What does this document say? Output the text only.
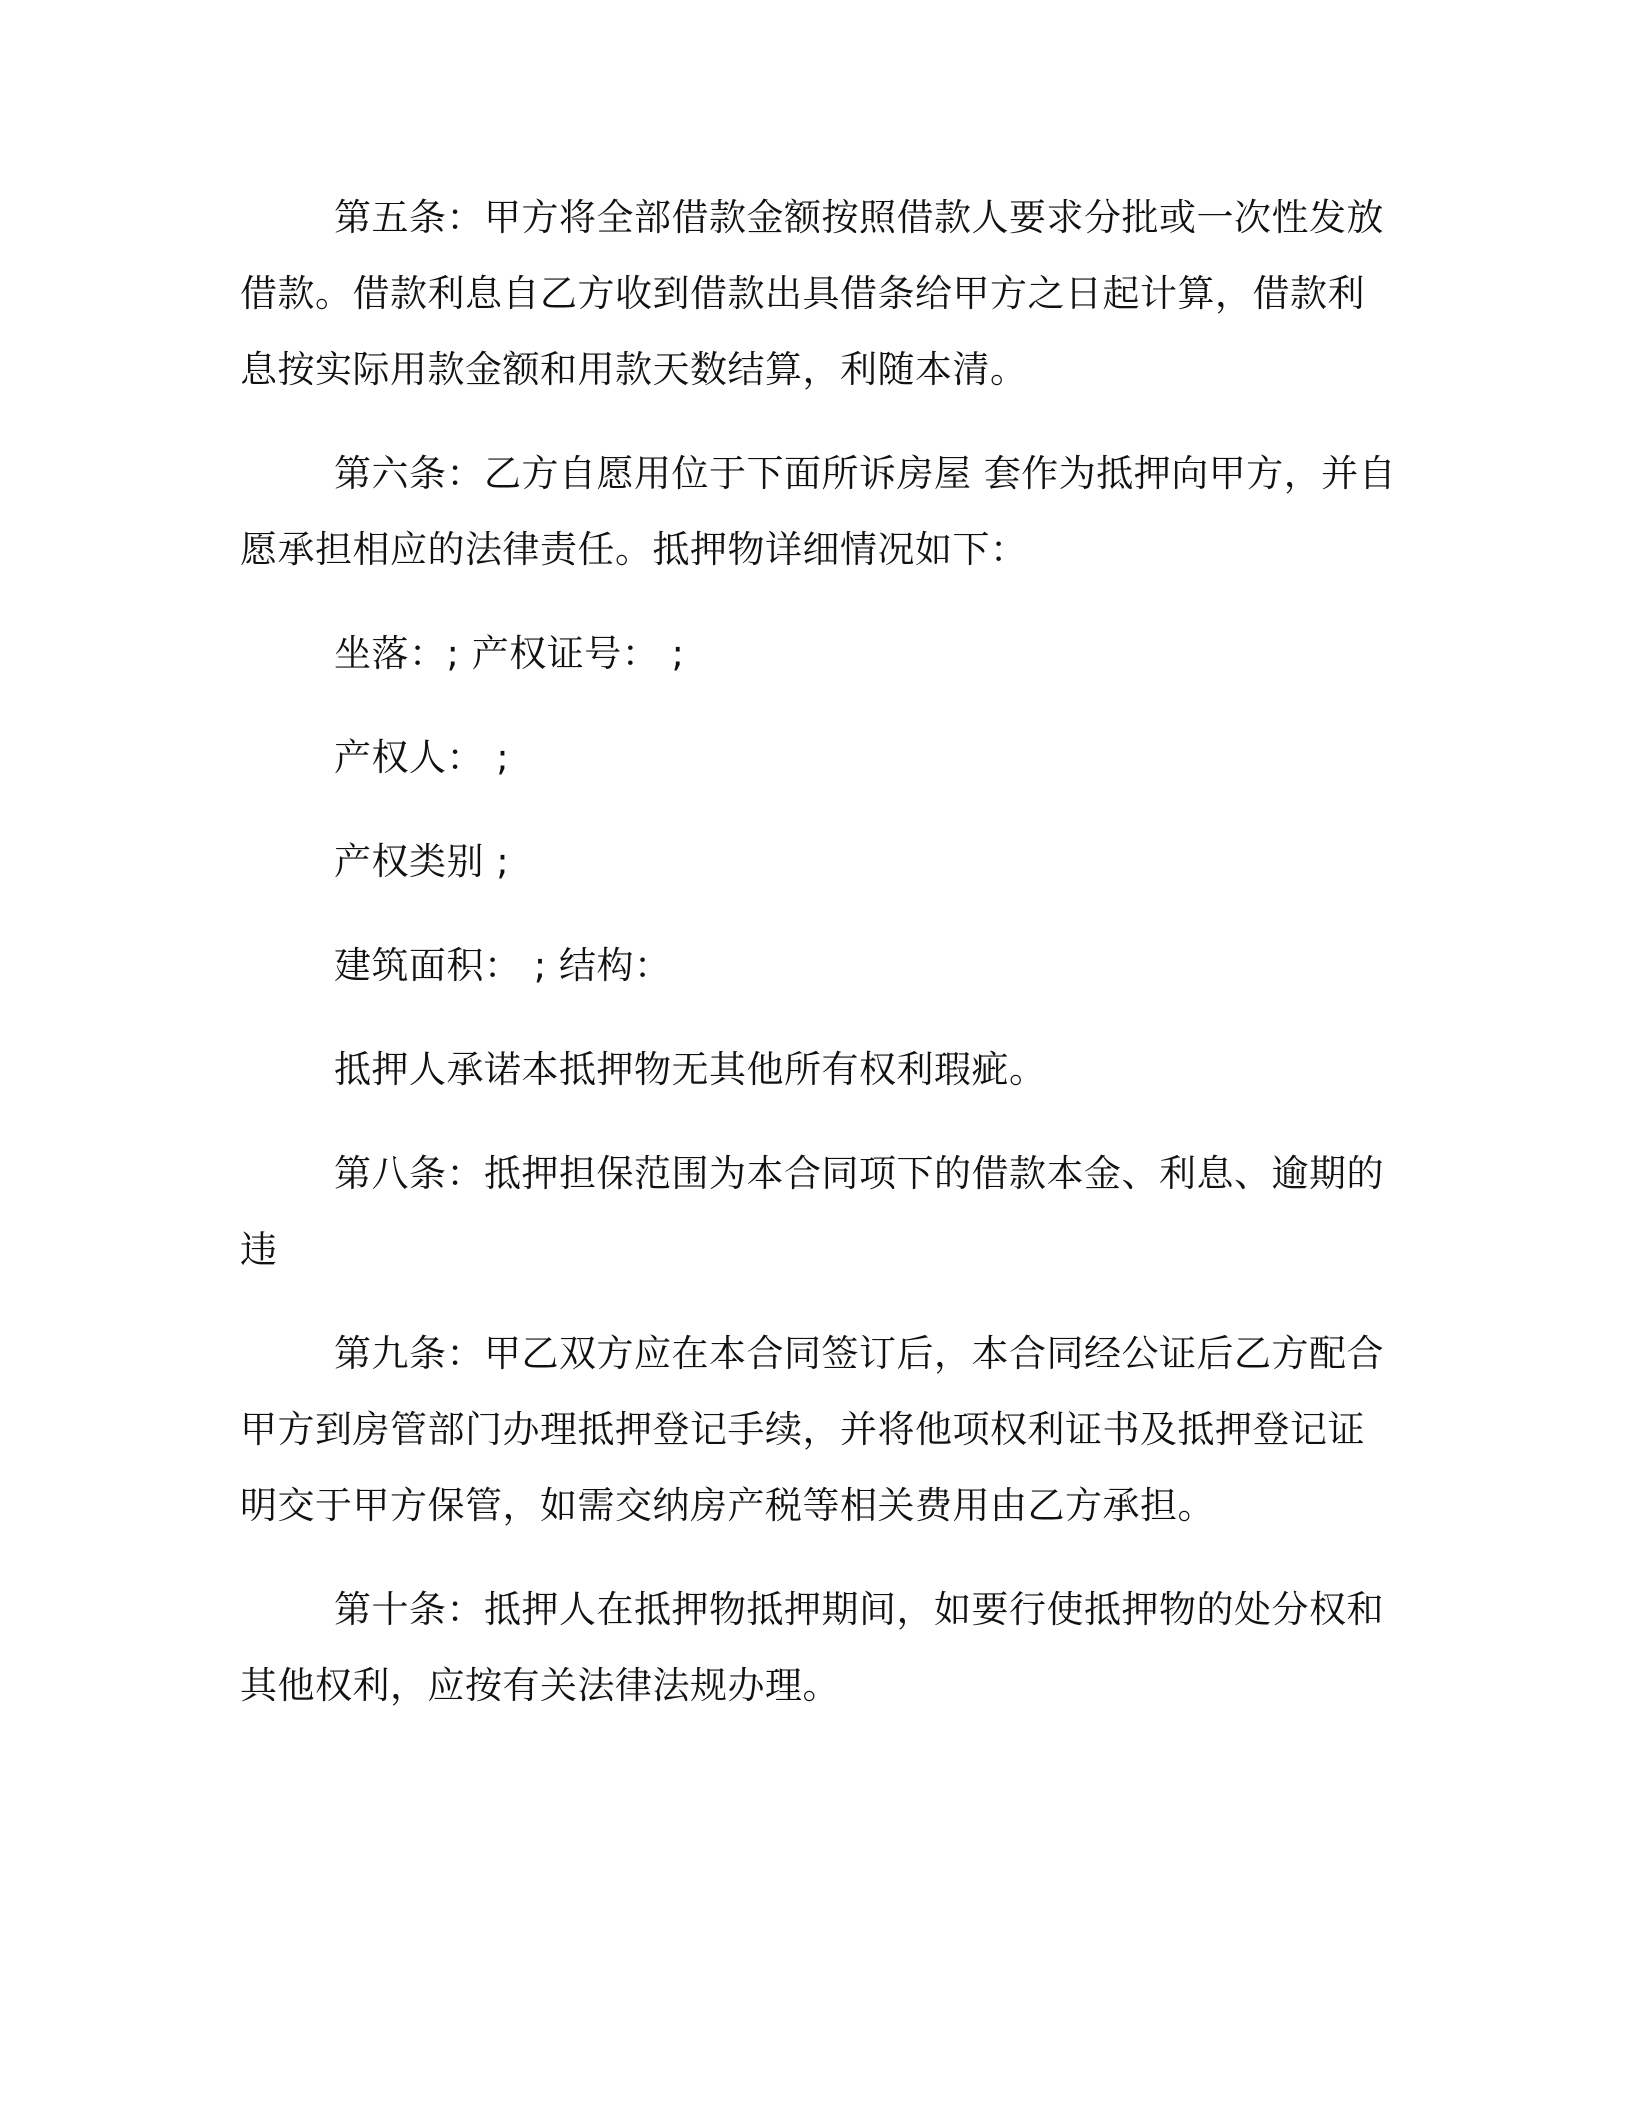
第五条：甲方将全部借款金额按照借款人要求分批或一次性发放
借款。借款利息自乙方收到借款出具借条给甲方之日起计算，借款利
息按实际用款金额和用款天数结算，利随本清。
第六条：乙方自愿用位于下面所诉房屋 套作为抵押向甲方，并自
愿承担相应的法律责任。抵押物详细情况如下：
坐落：; 产权证号： ;
产权人： ;
产权类别 ;
建筑面积： ; 结构：
抵押人承诺本抵押物无其他所有权利瑕疵。
第八条：抵押担保范围为本合同项下的借款本金、利息、逾期的
违
第九条：甲乙双方应在本合同签订后，本合同经公证后乙方配合
甲方到房管部门办理抵押登记手续，并将他项权利证书及抵押登记证
明交于甲方保管，如需交纳房产税等相关费用由乙方承担。
第十条：抵押人在抵押物抵押期间，如要行使抵押物的处分权和
其他权利，应按有关法律法规办理。
